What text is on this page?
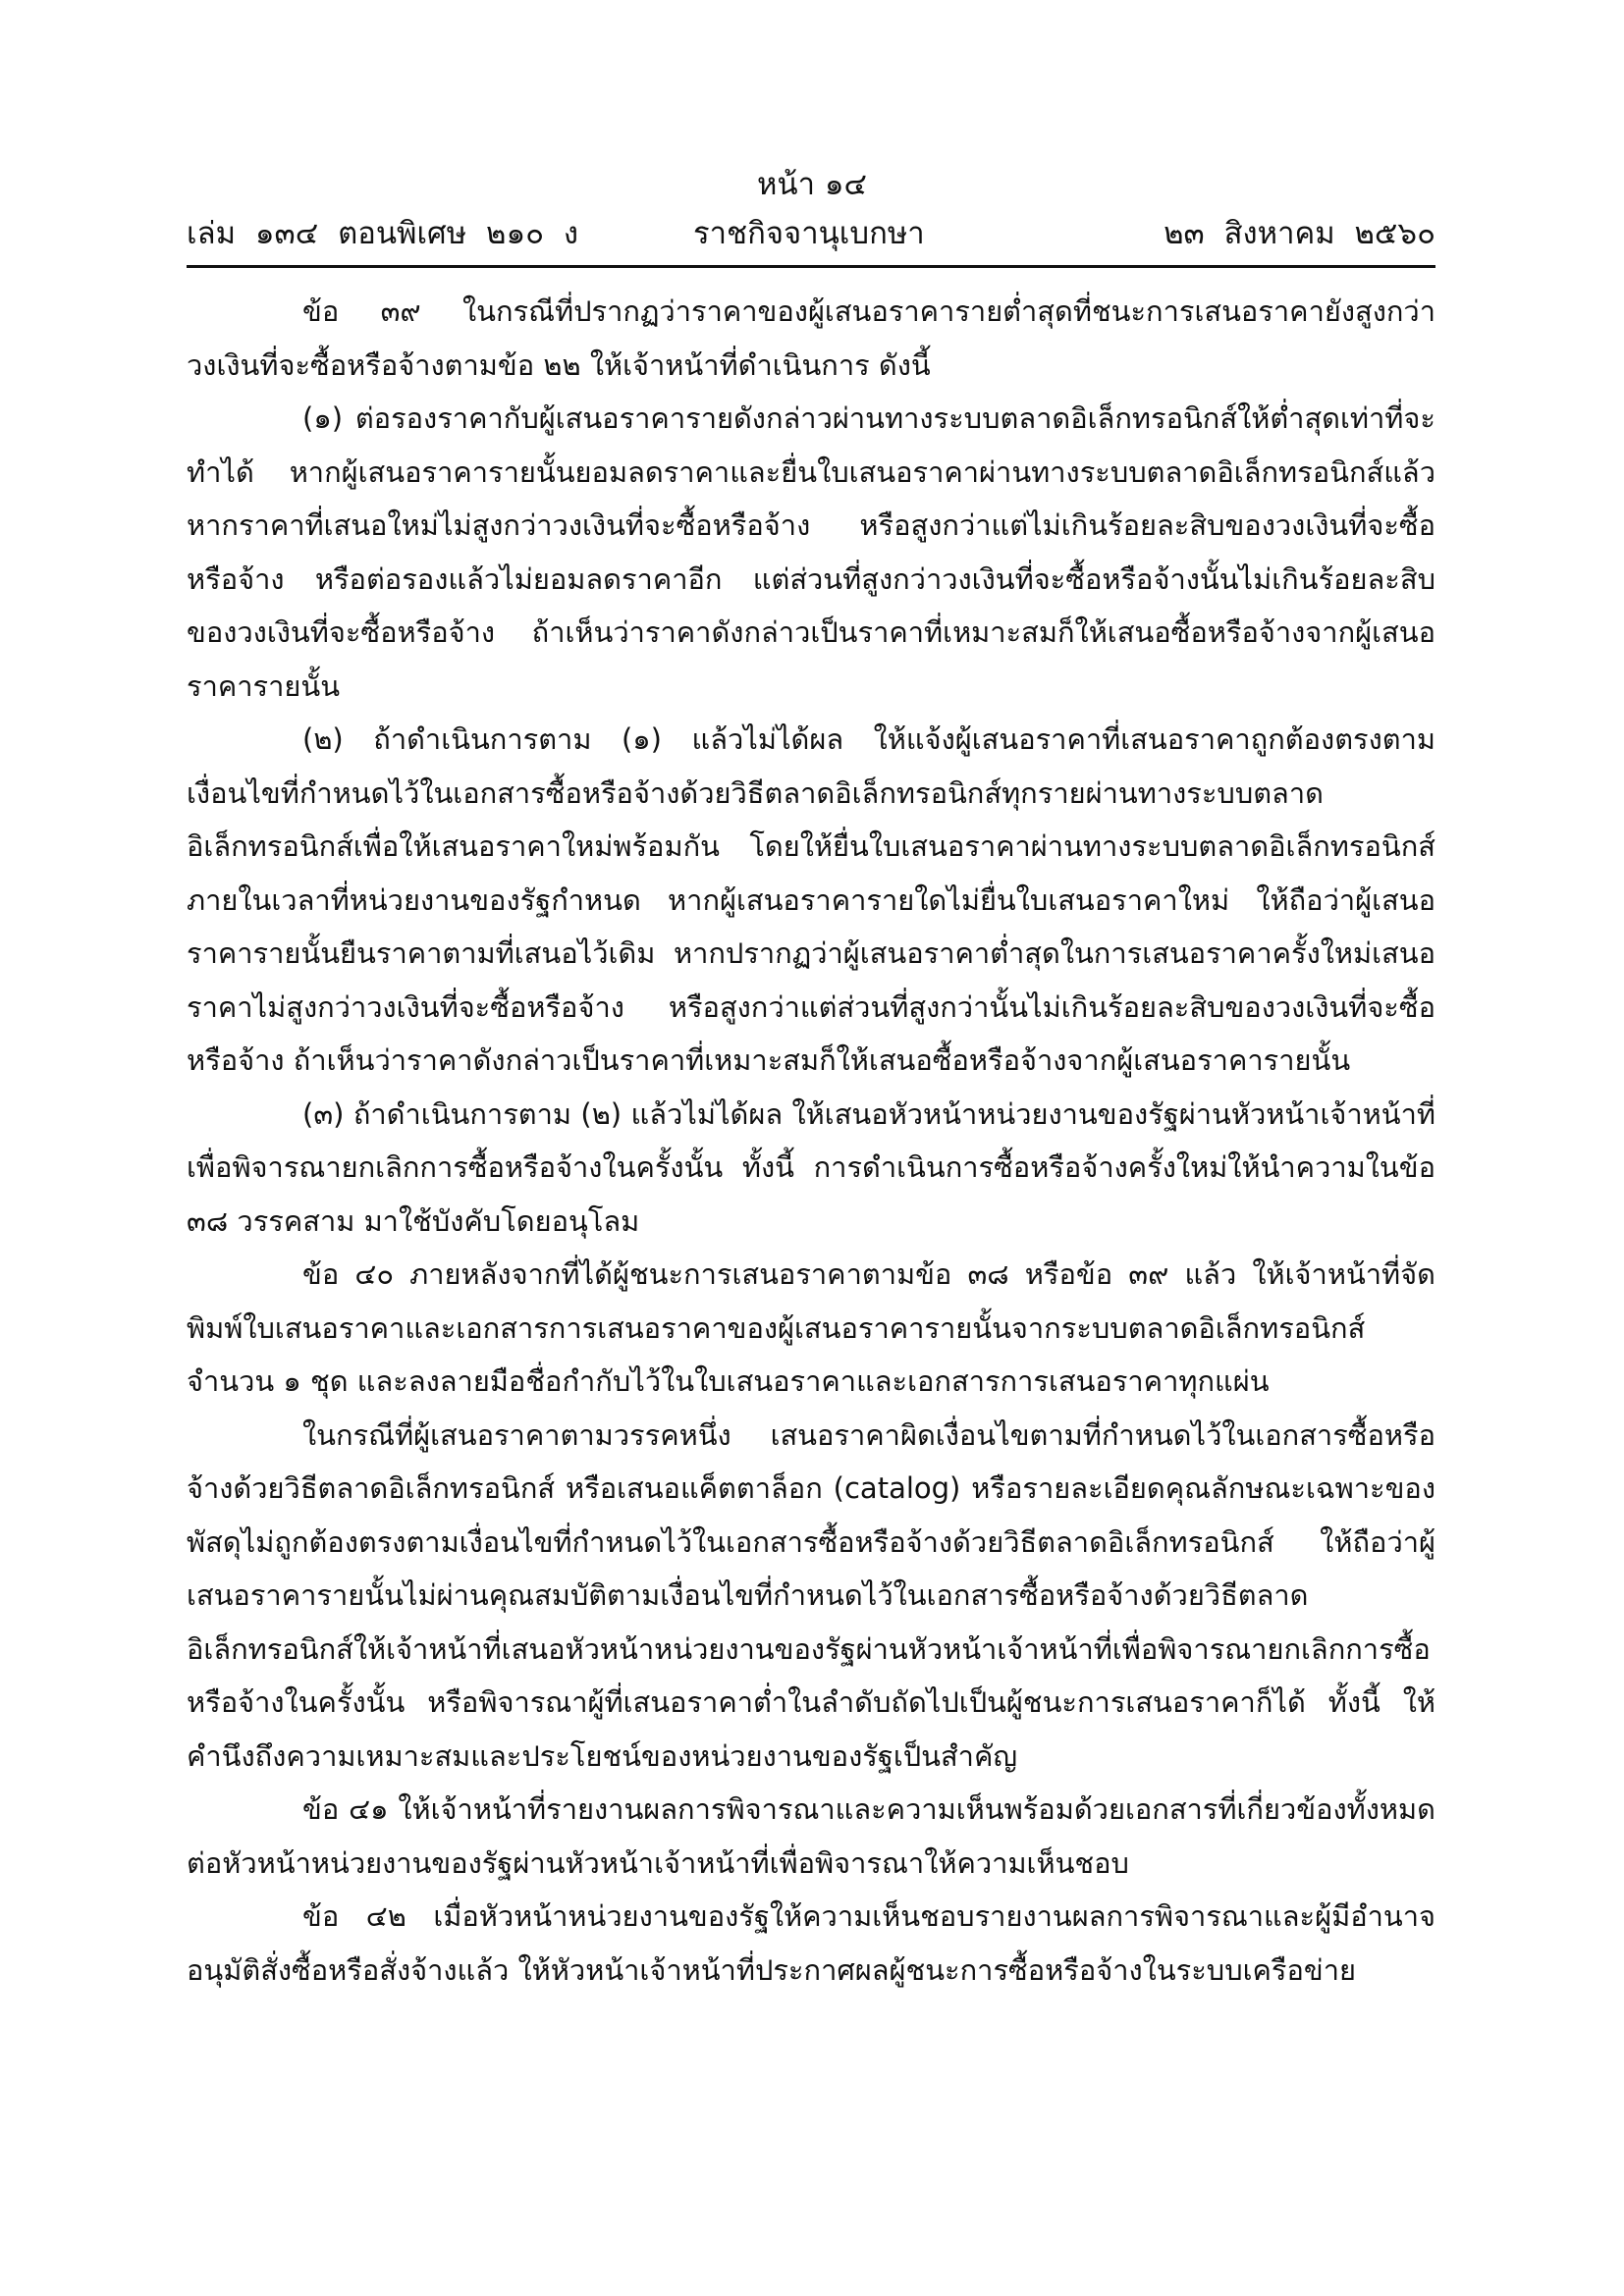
หน้า ๑๔
เล่ม ๑๓๔ ตอนพิเศษ ๒๑๐ ง	ราชกิจจานุเบกษา	๒๓ สิงหาคม ๒๕๖๐

ข้อ ๓๙ ในกรณีที่ปรากฏว่าราคาของผู้เสนอราคารายต่ำสุดที่ชนะการเสนอราคายังสูงกว่าวงเงินที่จะซื้อหรือจ้างตามข้อ ๒๒ ให้เจ้าหน้าที่ดำเนินการ ดังนี้

(๑) ต่อรองราคากับผู้เสนอราคารายดังกล่าวผ่านทางระบบตลาดอิเล็กทรอนิกส์ให้ต่ำสุดเท่าที่จะทำได้ หากผู้เสนอราคารายนั้นยอมลดราคาและยื่นใบเสนอราคาผ่านทางระบบตลาดอิเล็กทรอนิกส์แล้ว หากราคาที่เสนอใหม่ไม่สูงกว่าวงเงินที่จะซื้อหรือจ้าง หรือสูงกว่าแต่ไม่เกินร้อยละสิบของวงเงินที่จะซื้อหรือจ้าง หรือต่อรองแล้วไม่ยอมลดราคาอีก แต่ส่วนที่สูงกว่าวงเงินที่จะซื้อหรือจ้างนั้นไม่เกินร้อยละสิบของวงเงินที่จะซื้อหรือจ้าง ถ้าเห็นว่าราคาดังกล่าวเป็นราคาที่เหมาะสมก็ให้เสนอซื้อหรือจ้างจากผู้เสนอราคารายนั้น

(๒) ถ้าดำเนินการตาม (๑) แล้วไม่ได้ผล ให้แจ้งผู้เสนอราคาที่เสนอราคาถูกต้องตรงตามเงื่อนไขที่กำหนดไว้ในเอกสารซื้อหรือจ้างด้วยวิธีตลาดอิเล็กทรอนิกส์ทุกรายผ่านทางระบบตลาดอิเล็กทรอนิกส์เพื่อให้เสนอราคาใหม่พร้อมกัน โดยให้ยื่นใบเสนอราคาผ่านทางระบบตลาดอิเล็กทรอนิกส์ภายในเวลาที่หน่วยงานของรัฐกำหนด หากผู้เสนอราคารายใดไม่ยื่นใบเสนอราคาใหม่ ให้ถือว่าผู้เสนอราคารายนั้นยืนราคาตามที่เสนอไว้เดิม หากปรากฏว่าผู้เสนอราคาต่ำสุดในการเสนอราคาครั้งใหม่เสนอราคาไม่สูงกว่าวงเงินที่จะซื้อหรือจ้าง หรือสูงกว่าแต่ส่วนที่สูงกว่านั้นไม่เกินร้อยละสิบของวงเงินที่จะซื้อหรือจ้าง ถ้าเห็นว่าราคาดังกล่าวเป็นราคาที่เหมาะสมก็ให้เสนอซื้อหรือจ้างจากผู้เสนอราคารายนั้น

(๓) ถ้าดำเนินการตาม (๒) แล้วไม่ได้ผล ให้เสนอหัวหน้าหน่วยงานของรัฐผ่านหัวหน้าเจ้าหน้าที่เพื่อพิจารณายกเลิกการซื้อหรือจ้างในครั้งนั้น ทั้งนี้ การดำเนินการซื้อหรือจ้างครั้งใหม่ให้นำความในข้อ ๓๘ วรรคสาม มาใช้บังคับโดยอนุโลม

ข้อ ๔๐ ภายหลังจากที่ได้ผู้ชนะการเสนอราคาตามข้อ ๓๘ หรือข้อ ๓๙ แล้ว ให้เจ้าหน้าที่จัดพิมพ์ใบเสนอราคาและเอกสารการเสนอราคาของผู้เสนอราคารายนั้นจากระบบตลาดอิเล็กทรอนิกส์จำนวน ๑ ชุด และลงลายมือชื่อกำกับไว้ในใบเสนอราคาและเอกสารการเสนอราคาทุกแผ่น

ในกรณีที่ผู้เสนอราคาตามวรรคหนึ่ง เสนอราคาผิดเงื่อนไขตามที่กำหนดไว้ในเอกสารซื้อหรือจ้างด้วยวิธีตลาดอิเล็กทรอนิกส์ หรือเสนอแค็ตตาล็อก (catalog) หรือรายละเอียดคุณลักษณะเฉพาะของพัสดุไม่ถูกต้องตรงตามเงื่อนไขที่กำหนดไว้ในเอกสารซื้อหรือจ้างด้วยวิธีตลาดอิเล็กทรอนิกส์ ให้ถือว่าผู้เสนอราคารายนั้นไม่ผ่านคุณสมบัติตามเงื่อนไขที่กำหนดไว้ในเอกสารซื้อหรือจ้างด้วยวิธีตลาดอิเล็กทรอนิกส์ให้เจ้าหน้าที่เสนอหัวหน้าหน่วยงานของรัฐผ่านหัวหน้าเจ้าหน้าที่เพื่อพิจารณายกเลิกการซื้อหรือจ้างในครั้งนั้น หรือพิจารณาผู้ที่เสนอราคาต่ำในลำดับถัดไปเป็นผู้ชนะการเสนอราคาก็ได้ ทั้งนี้ ให้คำนึงถึงความเหมาะสมและประโยชน์ของหน่วยงานของรัฐเป็นสำคัญ

ข้อ ๔๑ ให้เจ้าหน้าที่รายงานผลการพิจารณาและความเห็นพร้อมด้วยเอกสารที่เกี่ยวข้องทั้งหมดต่อหัวหน้าหน่วยงานของรัฐผ่านหัวหน้าเจ้าหน้าที่เพื่อพิจารณาให้ความเห็นชอบ

ข้อ ๔๒ เมื่อหัวหน้าหน่วยงานของรัฐให้ความเห็นชอบรายงานผลการพิจารณาและผู้มีอำนาจอนุมัติสั่งซื้อหรือสั่งจ้างแล้ว ให้หัวหน้าเจ้าหน้าที่ประกาศผลผู้ชนะการซื้อหรือจ้างในระบบเครือข่าย
